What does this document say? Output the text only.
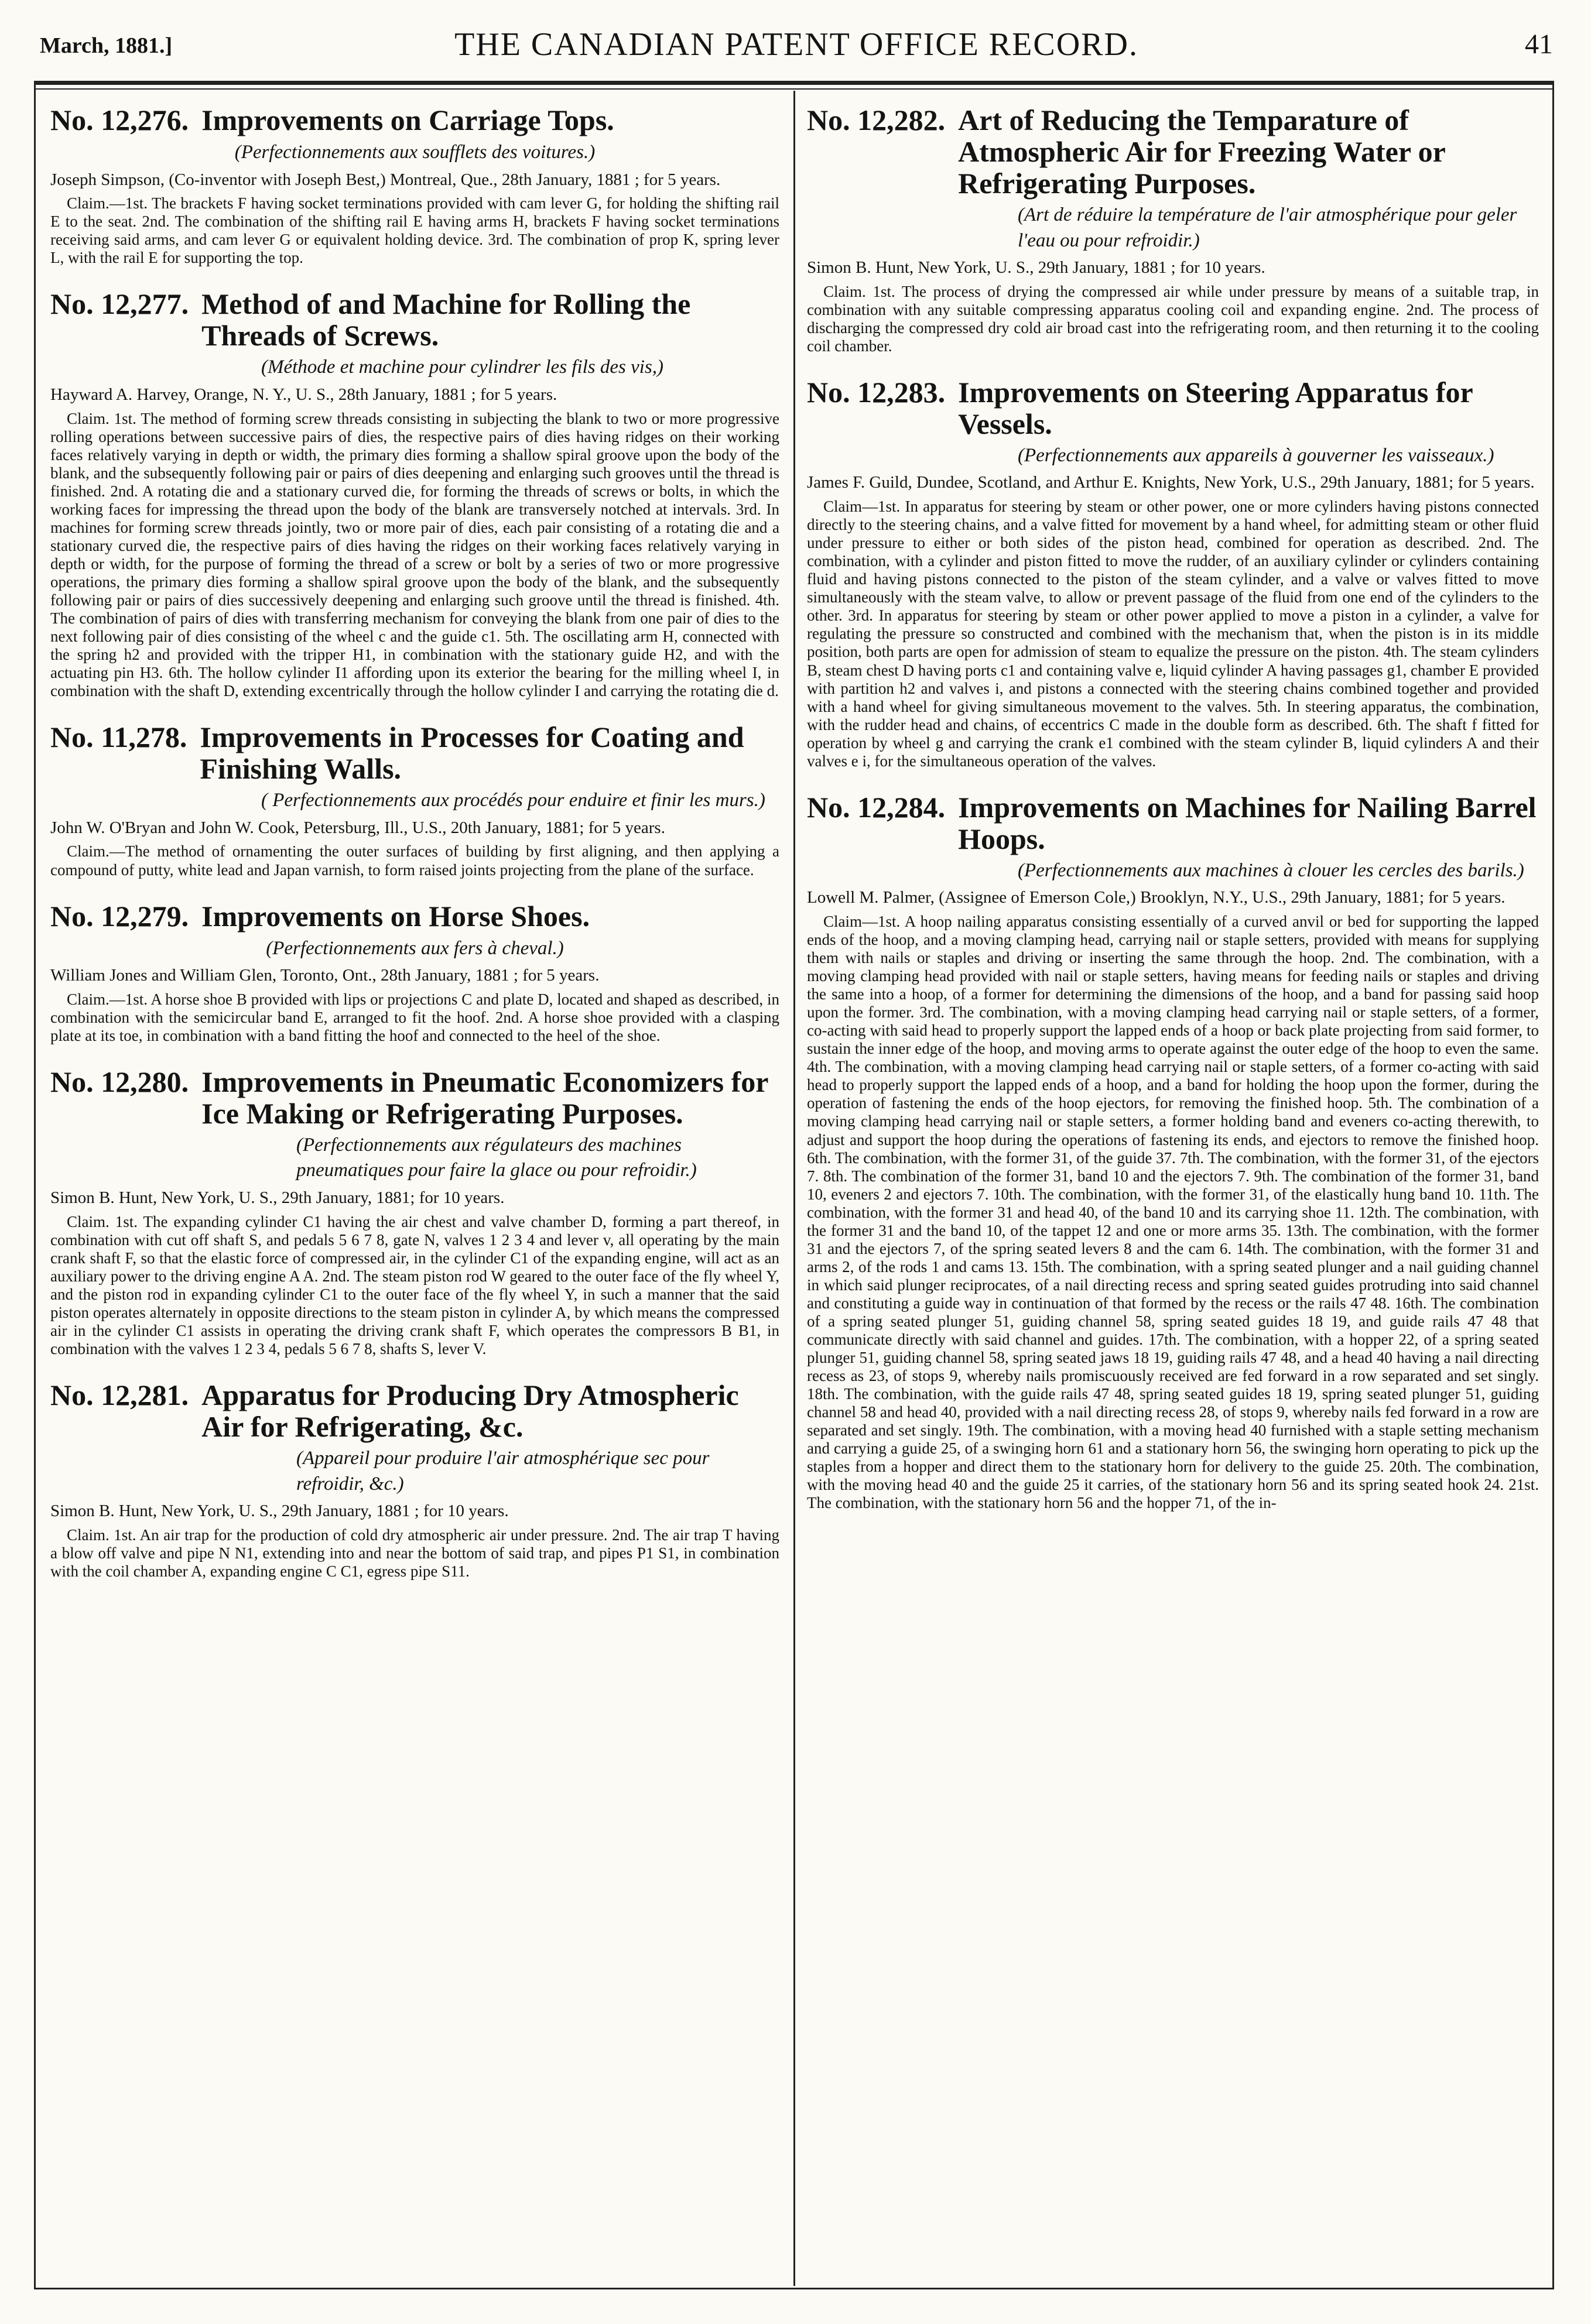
March, 1881.]	THE CANADIAN PATENT OFFICE RECORD.	41
No. 12,276. Improvements on Carriage Tops.
(Perfectionnements aux soufflets des voitures.)
Joseph Simpson, (Co-inventor with Joseph Best,) Montreal, Que., 28th January, 1881 ; for 5 years.

Claim.—1st. The brackets F having socket terminations provided with cam lever G, for holding the shifting rail E to the seat. 2nd. The combination of the shifting rail E having arms H, brackets F having socket terminations receiving said arms, and cam lever G or equivalent holding device. 3rd. The combination of prop K, spring lever L, with the rail E for supporting the top.

No. 12,277. Method of and Machine for Rolling the Threads of Screws.
(Méthode et machine pour cylindrer les fils des vis,)
Hayward A. Harvey, Orange, N. Y., U. S., 28th January, 1881 ; for 5 years.

Claim. 1st. The method of forming screw threads consisting in subjecting the blank to two or more progressive rolling operations between successive pairs of dies, the respective pairs of dies having ridges on their working faces relatively varying in depth or width, the primary dies forming a shallow spiral groove upon the body of the blank, and the subsequently following pair or pairs of dies deepening and enlarging such grooves until the thread is finished. 2nd. A rotating die and a stationary curved die, for forming the threads of screws or bolts, in which the working faces for impressing the thread upon the body of the blank are transversely notched at intervals. 3rd. In machines for forming screw threads jointly, two or more pair of dies, each pair consisting of a rotating die and a stationary curved die, the respective pairs of dies having the ridges on their working faces relatively varying in depth or width, for the purpose of forming the thread of a screw or bolt by a series of two or more progressive operations, the primary dies forming a shallow spiral groove upon the body of the blank, and the subsequently following pair or pairs of dies successively deepening and enlarging such groove until the thread is finished. 4th. The combination of pairs of dies with transferring mechanism for conveying the blank from one pair of dies to the next following pair of dies consisting of the wheel c and the guide c1. 5th. The oscillating arm H, connected with the spring h2 and provided with the tripper H1, in combination with the stationary guide H2, and with the actuating pin H3. 6th. The hollow cylinder I1 affording upon its exterior the bearing for the milling wheel I, in combination with the shaft D, extending excentrically through the hollow cylinder I and carrying the rotating die d.

No. 11,278. Improvements in Processes for Coating and Finishing Walls.
( Perfectionnements aux procédés pour enduire et finir les murs.)
John W. O'Bryan and John W. Cook, Petersburg, Ill., U.S., 20th January, 1881; for 5 years.

Claim.—The method of ornamenting the outer surfaces of building by first aligning, and then applying a compound of putty, white lead and Japan varnish, to form raised joints projecting from the plane of the surface.

No. 12,279. Improvements on Horse Shoes.
(Perfectionnements aux fers à cheval.)
William Jones and William Glen, Toronto, Ont., 28th January, 1881 ; for 5 years.

Claim.—1st. A horse shoe B provided with lips or projections C and plate D, located and shaped as described, in combination with the semicircular band E, arranged to fit the hoof. 2nd. A horse shoe provided with a clasping plate at its toe, in combination with a band fitting the hoof and connected to the heel of the shoe.

No. 12,280. Improvements in Pneumatic Economizers for Ice Making or Refrigerating Purposes.
(Perfectionnements aux régulateurs des machines pneumatiques pour faire la glace ou pour refroidir.)
Simon B. Hunt, New York, U. S., 29th January, 1881; for 10 years.

Claim. 1st. The expanding cylinder C1 having the air chest and valve chamber D, forming a part thereof, in combination with cut off shaft S, and pedals 5 6 7 8, gate N, valves 1 2 3 4 and lever v, all operating by the main crank shaft F, so that the elastic force of compressed air, in the cylinder C1 of the expanding engine, will act as an auxiliary power to the driving engine A A. 2nd. The steam piston rod W geared to the outer face of the fly wheel Y, and the piston rod in expanding cylinder C1 to the outer face of the fly wheel Y, in such a manner that the said piston operates alternately in opposite directions to the steam piston in cylinder A, by which means the compressed air in the cylinder C1 assists in operating the driving crank shaft F, which operates the compressors B B1, in combination with the valves 1 2 3 4, pedals 5 6 7 8, shafts S, lever V.

No. 12,281. Apparatus for Producing Dry Atmospheric Air for Refrigerating, &c.
(Appareil pour produire l'air atmosphérique sec pour refroidir, &c.)
Simon B. Hunt, New York, U. S., 29th January, 1881 ; for 10 years.

Claim. 1st. An air trap for the production of cold dry atmospheric air under pressure. 2nd. The air trap T having a blow off valve and pipe N N1, extending into and near the bottom of said trap, and pipes P1 S1, in combination with the coil chamber A, expanding engine C C1, egress pipe S11.

No. 12,282. Art of Reducing the Temparature of Atmospheric Air for Freezing Water or Refrigerating Purposes.
(Art de réduire la température de l'air atmosphérique pour geler l'eau ou pour refroidir.)
Simon B. Hunt, New York, U. S., 29th January, 1881 ; for 10 years.

Claim. 1st. The process of drying the compressed air while under pressure by means of a suitable trap, in combination with any suitable compressing apparatus cooling coil and expanding engine. 2nd. The process of discharging the compressed dry cold air broad cast into the refrigerating room, and then returning it to the cooling coil chamber.

No. 12,283. Improvements on Steering Apparatus for Vessels.
(Perfectionnements aux appareils à gouverner les vaisseaux.)
James F. Guild, Dundee, Scotland, and Arthur E. Knights, New York, U.S., 29th January, 1881; for 5 years.

Claim—1st. In apparatus for steering by steam or other power, one or more cylinders having pistons connected directly to the steering chains, and a valve fitted for movement by a hand wheel, for admitting steam or other fluid under pressure to either or both sides of the piston head, combined for operation as described. 2nd. The combination, with a cylinder and piston fitted to move the rudder, of an auxiliary cylinder or cylinders containing fluid and having pistons connected to the piston of the steam cylinder, and a valve or valves fitted to move simultaneously with the steam valve, to allow or prevent passage of the fluid from one end of the cylinders to the other. 3rd. In apparatus for steering by steam or other power applied to move a piston in a cylinder, a valve for regulating the pressure so constructed and combined with the mechanism that, when the piston is in its middle position, both parts are open for admission of steam to equalize the pressure on the piston. 4th. The steam cylinders B, steam chest D having ports c1 and containing valve e, liquid cylinder A having passages g1, chamber E provided with partition h2 and valves i, and pistons a connected with the steering chains combined together and provided with a hand wheel for giving simultaneous movement to the valves. 5th. In steering apparatus, the combination, with the rudder head and chains, of eccentrics C made in the double form as described. 6th. The shaft f fitted for operation by wheel g and carrying the crank e1 combined with the steam cylinder B, liquid cylinders A and their valves e i, for the simultaneous operation of the valves.

No. 12,284. Improvements on Machines for Nailing Barrel Hoops.
(Perfectionnements aux machines à clouer les cercles des barils.)
Lowell M. Palmer, (Assignee of Emerson Cole,) Brooklyn, N.Y., U.S., 29th January, 1881; for 5 years.

Claim—1st. A hoop nailing apparatus consisting essentially of a curved anvil or bed for supporting the lapped ends of the hoop, and a moving clamping head, carrying nail or staple setters, provided with means for supplying them with nails or staples and driving or inserting the same through the hoop. 2nd. The combination, with a moving clamping head provided with nail or staple setters, having means for feeding nails or staples and driving the same into a hoop, of a former for determining the dimensions of the hoop, and a band for passing said hoop upon the former. 3rd. The combination, with a moving clamping head carrying nail or staple setters, of a former, co-acting with said head to properly support the lapped ends of a hoop or back plate projecting from said former, to sustain the inner edge of the hoop, and moving arms to operate against the outer edge of the hoop to even the same. 4th. The combination, with a moving clamping head carrying nail or staple setters, of a former co-acting with said head to properly support the lapped ends of a hoop, and a band for holding the hoop upon the former, during the operation of fastening the ends of the hoop ejectors, for removing the finished hoop. 5th. The combination of a moving clamping head carrying nail or staple setters, a former holding band and eveners co-acting therewith, to adjust and support the hoop during the operations of fastening its ends, and ejectors to remove the finished hoop. 6th. The combination, with the former 31, of the guide 37. 7th. The combination, with the former 31, of the ejectors 7. 8th. The combination of the former 31, band 10 and the ejectors 7. 9th. The combination of the former 31, band 10, eveners 2 and ejectors 7. 10th. The combination, with the former 31, of the elastically hung band 10. 11th. The combination, with the former 31 and head 40, of the band 10 and its carrying shoe 11. 12th. The combination, with the former 31 and the band 10, of the tappet 12 and one or more arms 35. 13th. The combination, with the former 31 and the ejectors 7, of the spring seated levers 8 and the cam 6. 14th. The combination, with the former 31 and arms 2, of the rods 1 and cams 13. 15th. The combination, with a spring seated plunger and a nail guiding channel in which said plunger reciprocates, of a nail directing recess and spring seated guides protruding into said channel and constituting a guide way in continuation of that formed by the recess or the rails 47 48. 16th. The combination of a spring seated plunger 51, guiding channel 58, spring seated guides 18 19, and guide rails 47 48 that communicate directly with said channel and guides. 17th. The combination, with a hopper 22, of a spring seated plunger 51, guiding channel 58, spring seated jaws 18 19, guiding rails 47 48, and a head 40 having a nail directing recess as 23, of stops 9, whereby nails promiscuously received are fed forward in a row separated and set singly. 18th. The combination, with the guide rails 47 48, spring seated guides 18 19, spring seated plunger 51, guiding channel 58 and head 40, provided with a nail directing recess 28, of stops 9, whereby nails fed forward in a row are separated and set singly. 19th. The combination, with a moving head 40 furnished with a staple setting mechanism and carrying a guide 25, of a swinging horn 61 and a stationary horn 56, the swinging horn operating to pick up the staples from a hopper and direct them to the stationary horn for delivery to the guide 25. 20th. The combination, with the moving head 40 and the guide 25 it carries, of the stationary horn 56 and its spring seated hook 24. 21st. The combination, with the stationary horn 56 and the hopper 71, of the in-
